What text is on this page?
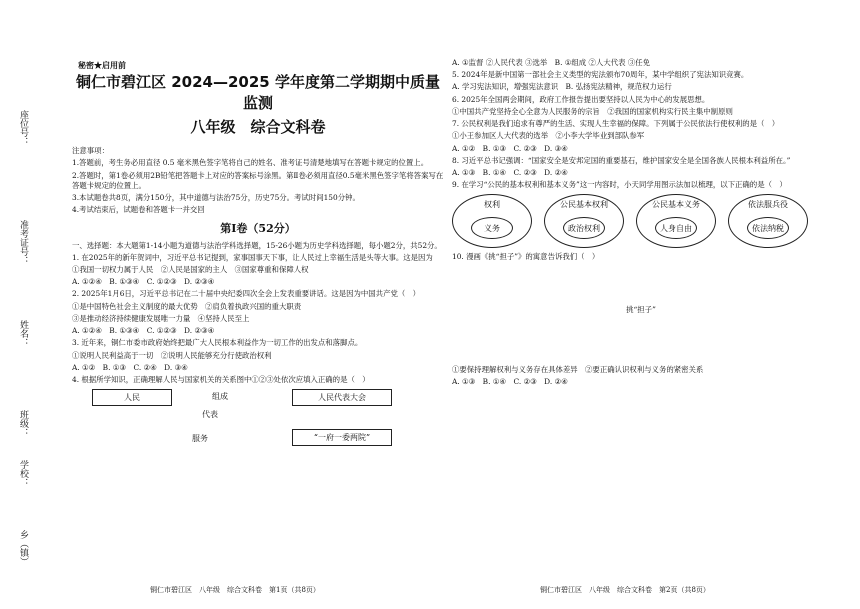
座位号：
准考证号：
姓名：
班级：
学校：
乡（镇）
秘密★启用前
铜仁市碧江区 2024—2025 学年度第二学期期中质量监测
八年级　综合文科卷

注意事项：

1.答题前，考生务必用直径 0.5 毫米黑色签字笔将自己的姓名、准考证号清楚地填写在答题卡规定的位置上。

2.答题时，第1卷必须用2B铅笔把答题卡上对应的答案标号涂黑。第Ⅱ卷必须用直径0.5毫米黑色签字笔将答案写在答题卡规定的位置上。

3.本试题卷共8页，满分150分，其中道德与法治75分，历史75分。考试时间150分钟。

4.考试结束后，试题卷和答题卡一并交回

第Ⅰ卷（52分）

一、选择题：本大题第1-14小题为道德与法治学科选择题，15-26小题为历史学科选择题，每小题2分，共52分。

1. 在2025年的新年贺词中，习近平总书记提到，家事国事天下事，让人民过上幸福生活是头等大事。这是因为

①我国一切权力属于人民　②人民是国家的主人　③国家尊重和保障人权

A. ①②④　B. ①③④　C. ①②③　D. ②③④

2. 2025年1月6日，习近平总书记在二十届中央纪委四次全会上发表重要讲话。这是因为中国共产党（　）

①是中国特色社会主义制度的最大优势　②肩负着执政兴国的重大职责

③是推动经济持续健康发展唯一力量　④坚持人民至上

A. ①②④　B. ①③④　C. ①②③　D. ②③④

3. 近年来，铜仁市委市政府始终把最广大人民根本利益作为一切工作的出发点和落脚点。

①说明人民利益高于一切　②说明人民能够充分行使政治权利

A. ①②　B. ①③　C. ②④　D. ③④

4. 根据所学知识，正确理解人民与国家机关的关系图中①②③处依次应填入正确的是（　）

人民	人民代表大会
“一府一委两院”
组成
代表
服务

A. ①监督 ②人民代表 ③选举　B. ①组成 ②人大代表 ③任免

5. 2024年是新中国第一部社会主义类型的宪法颁布70周年，某中学组织了宪法知识竞赛。

A. 学习宪法知识，增强宪法意识　B. 弘扬宪法精神，规范权力运行

6. 2025年全国两会期间，政府工作报告提出要坚持以人民为中心的发展思想。

①中国共产党坚持全心全意为人民服务的宗旨　②我国的国家机构实行民主集中制原则

7. 公民权利是我们追求有尊严的生活、实现人生幸福的保障。下列属于公民依法行使权利的是（　）

①小王参加区人大代表的选举　②小李大学毕业到部队参军

A. ①②　B. ①③　C. ②③　D. ③④

8. 习近平总书记强调：“国家安全是安邦定国的重要基石，维护国家安全是全国各族人民根本利益所在。”

A. ①③　B. ①④　C. ②③　D. ②④

9. 在学习“公民的基本权利和基本义务”这一内容时，小天同学用图示法加以梳理，以下正确的是（　）

权利
义务
公民基本权利
政治权利
公民基本义务
人身自由
依法服兵役
依法纳税

10. 漫画《挑“担子”》的寓意告诉我们（　）

挑“担子”

①要保持理解权利与义务存在具体差异　②要正确认识权利与义务的紧密关系

A. ①③　B. ①④　C. ②③　D. ②④

铜仁市碧江区　八年级　综合文科卷　第1页（共8页）	铜仁市碧江区　八年级　综合文科卷　第2页（共8页）
